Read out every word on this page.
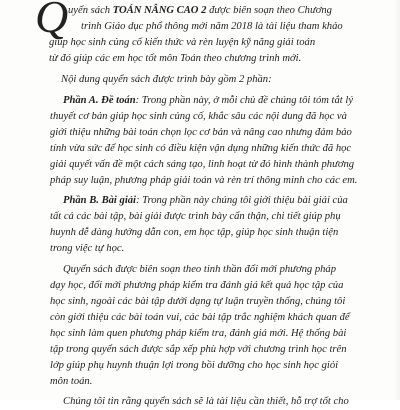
Q uyển sách TOÁN NÂNG CAO 2 được biên soạn theo Chương
trình Giáo dục phổ thông mới năm 2018 là tài liệu tham khảo
giúp học sinh củng cố kiến thức và rèn luyện kỹ năng giải toán
từ đó giúp các em học tốt môn Toán theo chương trình mới.
Nội dung quyển sách được trình bày gồm 2 phần:
Phần A. Đề toán: Trong phần này, ở mỗi chủ đề chúng tôi tóm tắt lý
thuyết cơ bản giúp học sinh củng cố, khắc sâu các nội dung đã học và
giới thiệu những bài toán chọn lọc cơ bản và nâng cao nhưng đảm bảo
tính vừa sức để học sinh có điều kiện vận dụng những kiến thức đã học
giải quyết vấn đề một cách sáng tạo, linh hoạt từ đó hình thành phương
pháp suy luận, phương pháp giải toán và rèn trí thông minh cho các em.
Phần B. Bài giải: Trong phần này chúng tôi giới thiệu bài giải của
tất cả các bài tập, bài giải được trình bày cẩn thận, chi tiết giúp phụ
huynh dễ dàng hướng dẫn con, em học tập, giúp học sinh thuận tiện
trong việc tự học.
Quyển sách được biên soạn theo tinh thần đổi mới phương pháp
dạy học, đổi mới phương pháp kiểm tra đánh giá kết quả học tập của
học sinh, ngoài các bài tập dưới dạng tự luận truyền thống, chúng tôi
còn giới thiệu các bài toán vui, các bài tập trắc nghiệm khách quan để
học sinh làm quen phương pháp kiểm tra, đánh giá mới. Hệ thống bài
tập trong quyển sách được sắp xếp phù hợp với chương trình học trên
lớp giúp phụ huynh thuận lợi trong bồi dưỡng cho học sinh học giỏi
môn toán.
Chúng tôi tin rằng quyển sách sẽ là tài liệu cần thiết, hỗ trợ tốt cho
